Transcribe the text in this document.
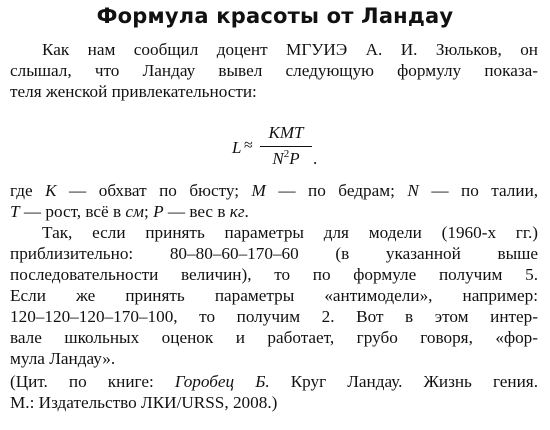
Формула красоты от Ландау
Как нам сообщил доцент МГУИЭ А. И. Зюльков, он
слышал, что Ландау вывел следующую формулу показа-
теля женской привлекательности:
L ≈
KMT
$N^2P$ .
где K — обхват по бюсту; M — по бедрам; N — по талии,
T — рост, всё в см; P — вес в кг.
Так, если принять параметры для модели (1960-х гг.)
приблизительно: 80–80–60–170–60 (в указанной выше
последовательности величин), то по формуле получим 5.
Если же принять параметры «антимодели», например:
120–120–120–170–100, то получим 2. Вот в этом интер-
вале школьных оценок и работает, грубо говоря, «фор-
мула Ландау».
(Цит. по книге: Горобец Б. Круг Ландау. Жизнь гения.
М.: Издательство ЛКИ/URSS, 2008.)
